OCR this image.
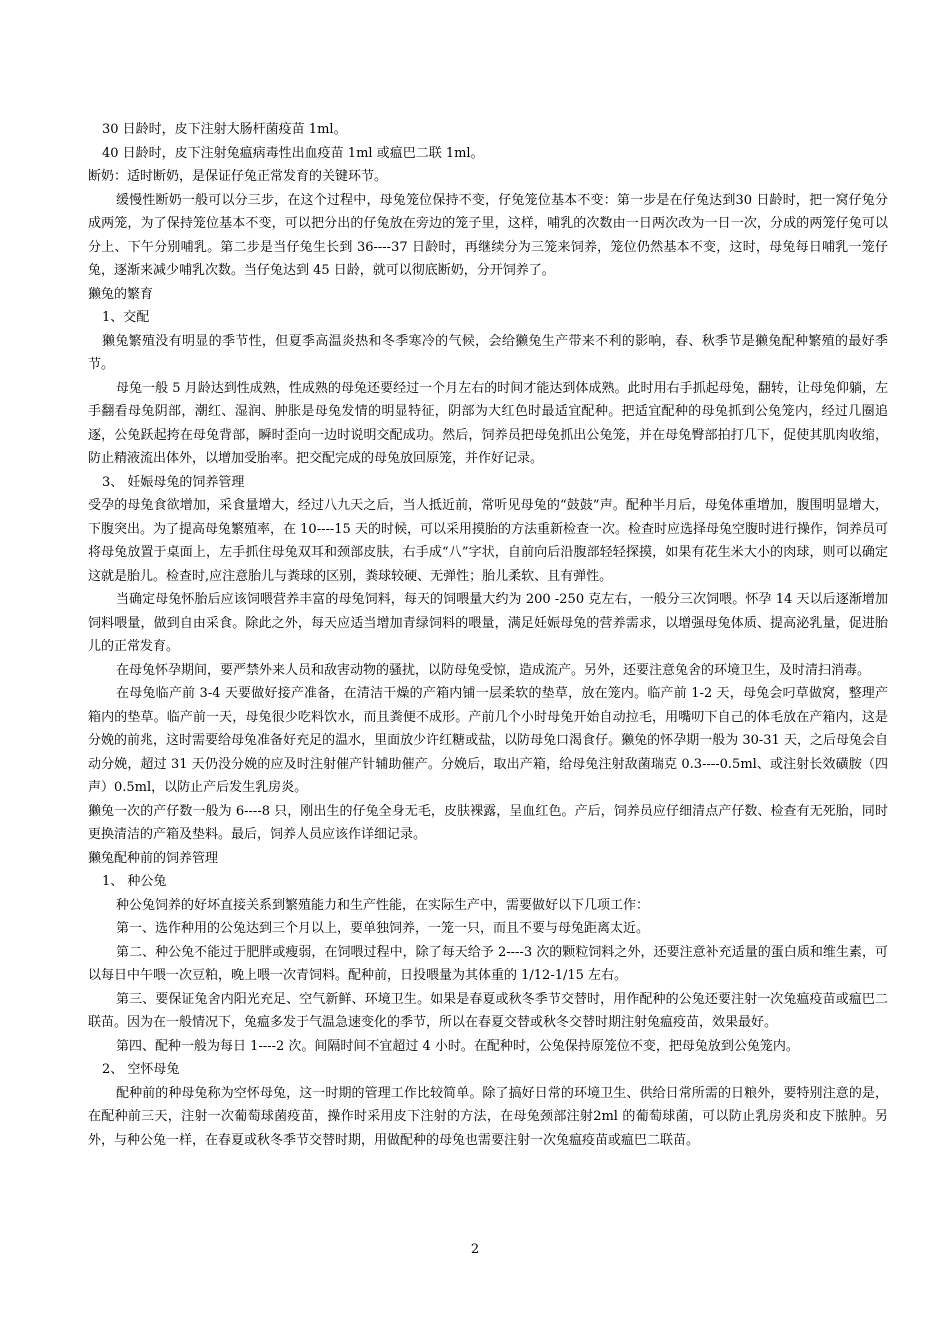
30 日龄时，皮下注射大肠杆菌疫苗 1ml。

40 日龄时，皮下注射兔瘟病毒性出血疫苗 1ml 或瘟巴二联 1ml。

断奶：适时断奶，是保证仔兔正常发育的关键环节。

缓慢性断奶一般可以分三步，在这个过程中，母兔笼位保持不变，仔兔笼位基本不变：第一步是在仔兔达到30 日龄时，把一窝仔兔分成两笼，为了保持笼位基本不变，可以把分出的仔兔放在旁边的笼子里，这样，哺乳的次数由一日两次改为一日一次，分成的两笼仔兔可以分上、下午分别哺乳。第二步是当仔兔生长到 36----37 日龄时，再继续分为三笼来饲养，笼位仍然基本不变，这时，母兔每日哺乳一笼仔兔，逐渐来减少哺乳次数。当仔兔达到 45 日龄，就可以彻底断奶，分开饲养了。

獭兔的繁育

1、交配

獭兔繁殖没有明显的季节性，但夏季高温炎热和冬季寒冷的气候，会给獭兔生产带来不利的影响，春、秋季节是獭兔配种繁殖的最好季节。

母兔一般 5 月龄达到性成熟，性成熟的母兔还要经过一个月左右的时间才能达到体成熟。此时用右手抓起母兔，翻转，让母兔仰躺，左手翻看母兔阴部，潮红、湿润、肿胀是母兔发情的明显特征，阴部为大红色时最适宜配种。把适宜配种的母兔抓到公兔笼内，经过几圈追逐，公兔跃起挎在母兔背部，瞬时歪向一边时说明交配成功。然后，饲养员把母兔抓出公兔笼，并在母兔臀部拍打几下，促使其肌肉收缩，防止精液流出体外，以增加受胎率。把交配完成的母兔放回原笼，并作好记录。

3、 妊娠母兔的饲养管理

受孕的母兔食欲增加，采食量增大，经过八九天之后，当人抵近前，常听见母兔的“鼓鼓”声。配种半月后，母兔体重增加，腹围明显增大，下腹突出。为了提高母兔繁殖率，在 10----15 天的时候，可以采用摸胎的方法重新检查一次。检查时应选择母兔空腹时进行操作，饲养员可将母兔放置于桌面上，左手抓住母兔双耳和颈部皮肤，右手成“八”字状，自前向后沿腹部轻轻探摸，如果有花生米大小的肉球，则可以确定这就是胎儿。检查时,应注意胎儿与粪球的区别，粪球较硬、无弹性；胎儿柔软、且有弹性。

当确定母兔怀胎后应该饲喂营养丰富的母兔饲料，每天的饲喂量大约为 200 -250 克左右，一般分三次饲喂。怀孕 14 天以后逐渐增加饲料喂量，做到自由采食。除此之外，每天应适当增加青绿饲料的喂量，满足妊娠母兔的营养需求，以增强母兔体质、提高泌乳量，促进胎儿的正常发育。

在母兔怀孕期间，要严禁外来人员和敌害动物的骚扰，以防母兔受惊，造成流产。另外，还要注意兔舍的环境卫生，及时清扫消毒。

在母兔临产前 3-4 天要做好接产准备，在清洁干燥的产箱内铺一层柔软的垫草，放在笼内。临产前 1-2 天，母兔会叼草做窝，整理产箱内的垫草。临产前一天，母兔很少吃料饮水，而且粪便不成形。产前几个小时母兔开始自动拉毛，用嘴叨下自己的体毛放在产箱内，这是分娩的前兆，这时需要给母兔准备好充足的温水，里面放少许红糖或盐，以防母兔口渴食仔。獭兔的怀孕期一般为 30-31 天，之后母兔会自动分娩，超过 31 天仍没分娩的应及时注射催产针辅助催产。分娩后，取出产箱，给母兔注射敌菌瑞克 0.3----0.5ml、或注射长效磺胺（四声）0.5ml，以防止产后发生乳房炎。

獭兔一次的产仔数一般为 6----8 只，刚出生的仔兔全身无毛，皮肤裸露，呈血红色。产后，饲养员应仔细清点产仔数、检查有无死胎，同时更换清洁的产箱及垫料。最后，饲养人员应该作详细记录。

獭兔配种前的饲养管理

1、 种公兔

种公兔饲养的好坏直接关系到繁殖能力和生产性能，在实际生产中，需要做好以下几项工作：

第一、选作种用的公兔达到三个月以上，要单独饲养，一笼一只，而且不要与母兔距离太近。

第二、种公兔不能过于肥胖或瘦弱，在饲喂过程中，除了每天给予 2----3 次的颗粒饲料之外，还要注意补充适量的蛋白质和维生素，可以每日中午喂一次豆粕，晚上喂一次青饲料。配种前，日投喂量为其体重的 1/12-1/15 左右。

第三、要保证兔舍内阳光充足、空气新鲜、环境卫生。如果是春夏或秋冬季节交替时，用作配种的公兔还要注射一次兔瘟疫苗或瘟巴二联苗。因为在一般情况下，兔瘟多发于气温急速变化的季节，所以在春夏交替或秋冬交替时期注射兔瘟疫苗，效果最好。

第四、配种一般为每日 1----2 次。间隔时间不宜超过 4 小时。在配种时，公兔保持原笼位不变，把母兔放到公兔笼内。

2、 空怀母兔

配种前的种母兔称为空怀母兔，这一时期的管理工作比较简单。除了搞好日常的环境卫生、供给日常所需的日粮外，要特别注意的是，在配种前三天，注射一次葡萄球菌疫苗，操作时采用皮下注射的方法，在母兔颈部注射2ml 的葡萄球菌，可以防止乳房炎和皮下脓肿。另外，与种公兔一样，在春夏或秋冬季节交替时期，用做配种的母兔也需要注射一次兔瘟疫苗或瘟巴二联苗。

2
